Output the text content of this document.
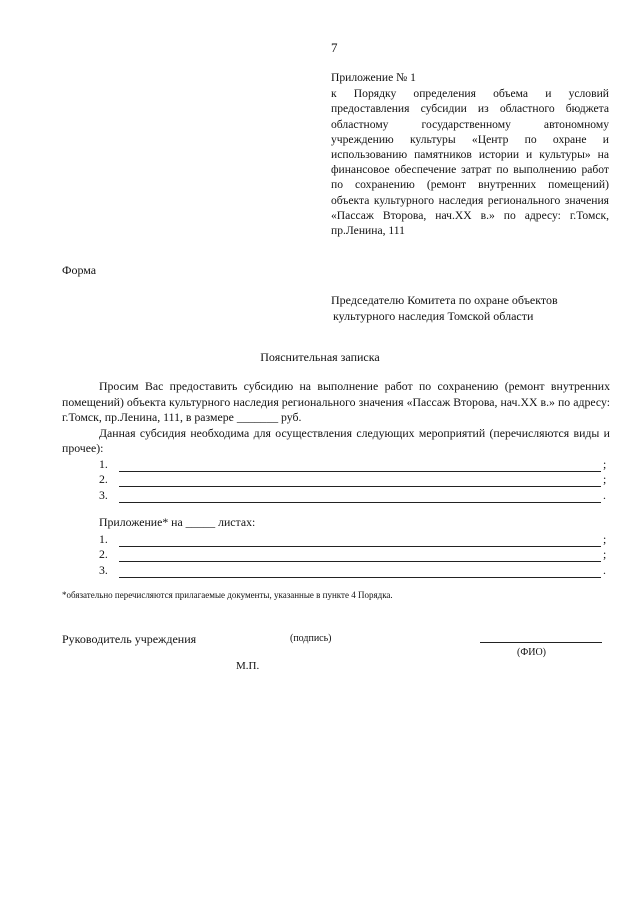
7
Приложение № 1
к Порядку определения объема и условий предоставления субсидии из областного бюджета областному государственному автономному учреждению культуры «Центр по охране и использованию памятников истории и культуры» на финансовое обеспечение затрат по выполнению работ по сохранению (ремонт внутренних помещений) объекта культурного наследия регионального значения «Пассаж Второва, нач.XX в.» по адресу: г.Томск, пр.Ленина, 111
Форма
Председателю Комитета по охране объектов
культурного наследия Томской области
Пояснительная записка

Просим Вас предоставить субсидию на выполнение работ по сохранению (ремонт внутренних помещений) объекта культурного наследия регионального значения «Пассаж Второва, нач.XX в.» по адресу: г.Томск, пр.Ленина, 111, в размере _______ руб.

Данная субсидия необходима для осуществления следующих мероприятий (перечисляются виды и прочее):

1.	;
2.	;
3.	.
Приложение* на _____ листах:
1.	;
2.	;
3.	.
*обязательно перечисляются прилагаемые документы, указанные в пункте 4 Порядка.
Руководитель учреждения	(подпись)
(ФИО)
М.П.
